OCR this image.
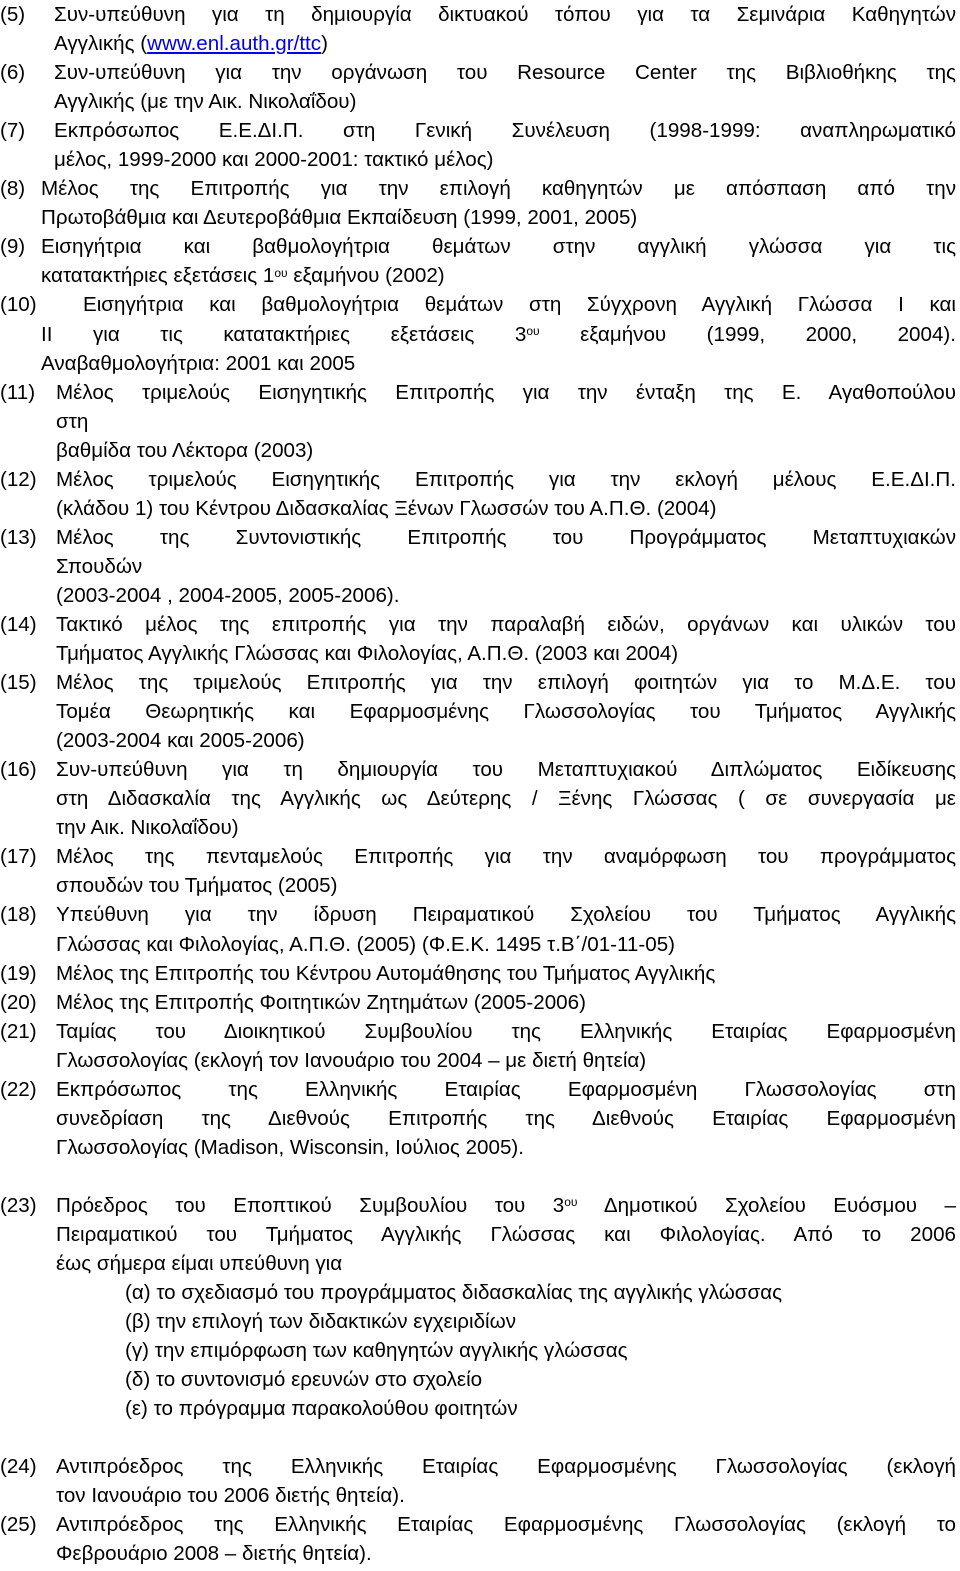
(5)	Συν-υπεύθυνη για τη δημιουργία δικτυακού τόπου για τα Σεμινάρια Καθηγητών
Αγγλικής (www.enl.auth.gr/ttc)
(6)	Συν-υπεύθυνη για την οργάνωση του Resource Center της Βιβλιοθήκης της
Αγγλικής (με την Αικ. Νικολαΐδου)
(7)	Εκπρόσωπος Ε.Ε.ΔΙ.Π. στη Γενική Συνέλευση (1998-1999: αναπληρωματικό
μέλος, 1999-2000 και 2000-2001: τακτικό μέλος)
(8) Μέλος της Επιτροπής για την επιλογή καθηγητών με απόσπαση από την
Πρωτοβάθμια και Δευτεροβάθμια Εκπαίδευση (1999, 2001, 2005)
(9) Εισηγήτρια και βαθμολογήτρια θεμάτων στην αγγλική γλώσσα για τις
κατατακτήριες εξετάσεις $1^{o\upsilon}$ εξαμήνου (2002)
(10)	Εισηγήτρια και βαθμολογήτρια θεμάτων στη Σύγχρονη Αγγλική Γλώσσα Ι και
ΙΙ για τις κατατακτήριες εξετάσεις $3^{o\upsilon}$ εξαμήνου (1999, 2000, 2004).
Αναβαθμολογήτρια: 2001 και 2005
(11)	Μέλος τριμελούς Εισηγητικής Επιτροπής για την ένταξη της Ε. Αγαθοπούλου
στη
βαθμίδα του Λέκτορα (2003)
(12) Μέλος τριμελούς Εισηγητικής Επιτροπής για την εκλογή μέλους Ε.Ε.ΔΙ.Π.
(κλάδου 1) του Κέντρου Διδασκαλίας Ξένων Γλωσσών του Α.Π.Θ. (2004)
(13) Μέλος της Συντονιστικής Επιτροπής του Προγράμματος Μεταπτυχιακών
Σπουδών
(2003-2004 , 2004-2005, 2005-2006).
(14) Τακτικό μέλος της επιτροπής για την παραλαβή ειδών, οργάνων και υλικών του
Τμήματος Αγγλικής Γλώσσας και Φιλολογίας, Α.Π.Θ. (2003 και 2004)
(15) Μέλος της τριμελούς Επιτροπής για την επιλογή φοιτητών για το Μ.Δ.Ε. του
Τομέα Θεωρητικής και Εφαρμοσμένης Γλωσσολογίας του Τμήματος Αγγλικής
(2003-2004 και 2005-2006)
(16) Συν-υπεύθυνη για τη δημιουργία του Μεταπτυχιακού Διπλώματος Ειδίκευσης
στη Διδασκαλία της Αγγλικής ως Δεύτερης / Ξένης Γλώσσας ( σε συνεργασία με
την Αικ. Νικολαΐδου)
(17) Μέλος της πενταμελούς Επιτροπής για την αναμόρφωση του προγράμματος
σπουδών του Τμήματος (2005)
(18) Υπεύθυνη για την ίδρυση Πειραματικού Σχολείου του Τμήματος Αγγλικής
Γλώσσας και Φιλολογίας, Α.Π.Θ. (2005) (Φ.Ε.Κ. 1495 τ.Β΄/01-11-05)
(19) Μέλος της Επιτροπής του Κέντρου Αυτομάθησης του Τμήματος Αγγλικής
(20) Μέλος της Επιτροπής Φοιτητικών Ζητημάτων (2005-2006)
(21) Ταμίας του Διοικητικού Συμβουλίου της Ελληνικής Εταιρίας Εφαρμοσμένη
Γλωσσολογίας (εκλογή τον Ιανουάριο του 2004 – με διετή θητεία)
(22) Εκπρόσωπος της Ελληνικής Εταιρίας Εφαρμοσμένη Γλωσσολογίας στη
συνεδρίαση της Διεθνούς Επιτροπής της Διεθνούς Εταιρίας Εφαρμοσμένη
Γλωσσολογίας (Madison, Wisconsin, Ιούλιος 2005).
(23) Πρόεδρος του Εποπτικού Συμβουλίου του $3^{o\upsilon}$ Δημοτικού Σχολείου Ευόσμου –
Πειραματικού του Τμήματος Αγγλικής Γλώσσας και Φιλολογίας. Από το 2006
έως σήμερα είμαι υπεύθυνη για
(α) το σχεδιασμό του προγράμματος διδασκαλίας της αγγλικής γλώσσας
(β) την επιλογή των διδακτικών εγχειριδίων
(γ) την επιμόρφωση των καθηγητών αγγλικής γλώσσας
(δ) το συντονισμό ερευνών στο σχολείο
(ε) το πρόγραμμα παρακολούθου φοιτητών
(24) Αντιπρόεδρος της Ελληνικής Εταιρίας Εφαρμοσμένης Γλωσσολογίας (εκλογή
τον Ιανουάριο του 2006 διετής θητεία).
(25) Αντιπρόεδρος της Ελληνικής Εταιρίας Εφαρμοσμένης Γλωσσολογίας (εκλογή το
Φεβρουάριο 2008 – διετής θητεία).
